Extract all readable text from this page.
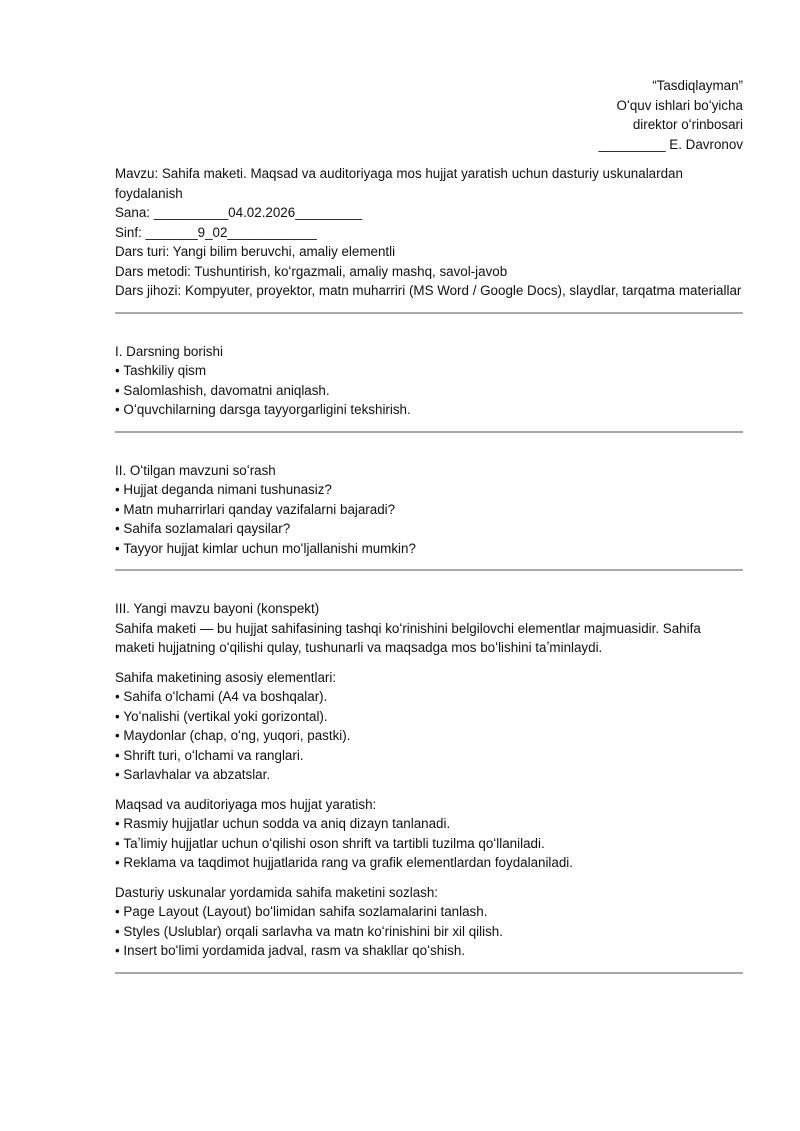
“Tasdiqlayman”
Oʻquv ishlari boʻyicha
direktor oʻrinbosari
_________ E. Davronov
Mavzu: Sahifa maketi. Maqsad va auditoriyaga mos hujjat yaratish uchun dasturiy uskunalardan foydalanish
Sana: __________04.02.2026_________
Sinf: _______9_02____________
Dars turi: Yangi bilim beruvchi, amaliy elementli
Dars metodi: Tushuntirish, koʻrgazmali, amaliy mashq, savol-javob
Dars jihozi: Kompyuter, proyektor, matn muharriri (MS Word / Google Docs), slaydlar, tarqatma materiallar
I. Darsning borishi
• Tashkiliy qism
• Salomlashish, davomatni aniqlash.
• Oʻquvchilarning darsga tayyorgarligini tekshirish.
II. Oʻtilgan mavzuni soʻrash
• Hujjat deganda nimani tushunasiz?
• Matn muharrirlari qanday vazifalarni bajaradi?
• Sahifa sozlamalari qaysilar?
• Tayyor hujjat kimlar uchun moʻljallanishi mumkin?
III. Yangi mavzu bayoni (konspekt)
Sahifa maketi — bu hujjat sahifasining tashqi koʻrinishini belgilovchi elementlar majmuasidir. Sahifa maketi hujjatning oʻqilishi qulay, tushunarli va maqsadga mos boʻlishini taʼminlaydi.
Sahifa maketining asosiy elementlari:
• Sahifa oʻlchami (A4 va boshqalar).
• Yoʻnalishi (vertikal yoki gorizontal).
• Maydonlar (chap, oʻng, yuqori, pastki).
• Shrift turi, oʻlchami va ranglari.
• Sarlavhalar va abzatslar.
Maqsad va auditoriyaga mos hujjat yaratish:
• Rasmiy hujjatlar uchun sodda va aniq dizayn tanlanadi.
• Taʼlimiy hujjatlar uchun oʻqilishi oson shrift va tartibli tuzilma qoʻllaniladi.
• Reklama va taqdimot hujjatlarida rang va grafik elementlardan foydalaniladi.
Dasturiy uskunalar yordamida sahifa maketini sozlash:
• Page Layout (Layout) boʻlimidan sahifa sozlamalarini tanlash.
• Styles (Uslublar) orqali sarlavha va matn koʻrinishini bir xil qilish.
• Insert boʻlimi yordamida jadval, rasm va shakllar qoʻshish.
